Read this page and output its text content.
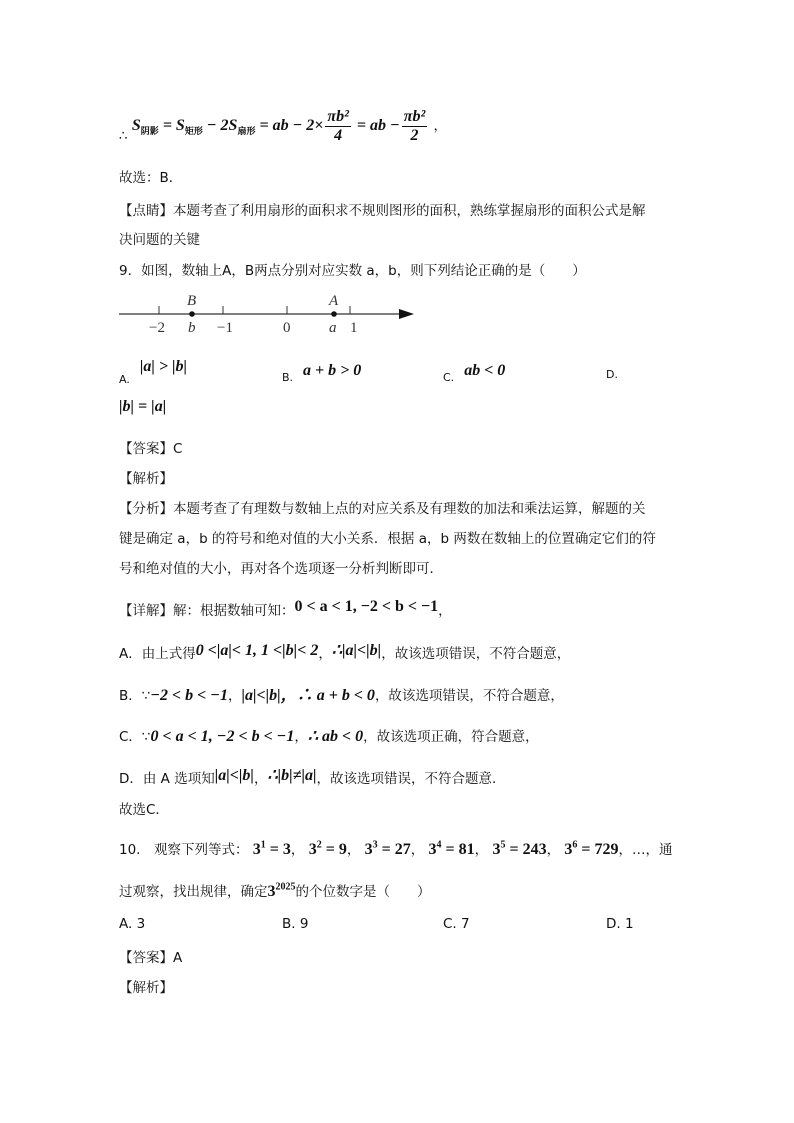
∴ $S_{阴影} = S_{矩形} - 2S_{扇形}$ = ab − $2\times \frac{\text{πb²}}{4}$ = ab − $\frac{\text{πb²}}{2}$ ，
故选：B．
【点睛】本题考查了利用扇形的面积求不规则图形的面积，熟练掌握扇形的面积公式是解
决问题的关键
9．如图，数轴上A，B两点分别对应实数 a，b，则下列结论正确的是（　　）
−2	−1	0	1
B
b
A
a
$_{A.}$|a| > |b|
$_{B.}$ a + b > 0	$_{C.}$ ab < 0	D.
|b| = |a|
【答案】C
【解析】
【分析】本题考查了有理数与数轴上点的对应关系及有理数的加法和乘法运算，解题的关
键是确定 a，b 的符号和绝对值的大小关系．根据 a，b 两数在数轴上的位置确定它们的符
号和绝对值的大小，再对各个选项逐一分析判断即可．
【详解】解：根据数轴可知：0 < a < 1, −2 < b < −1，
A．由上式得0 <|a|< 1, 1 <|b|< 2，∴|a|<|b|，故该选项错误，不符合题意，
B．∵−2 < b < −1，|a|<|b|，∴ a + b < 0，故该选项错误，不符合题意，
C．∵0 < a < 1, −2 < b < −1，∴ ab < 0，故该选项正确，符合题意，
D．由 A 选项知|a|<|b|，∴|b|≠|a|，故该选项错误，不符合题意．
故选C．
10.　观察下列等式： $3^1 = 3$， $3^2 = 9$， $3^3 = 27$， $3^4 = 81$， $3^5 = 243$， $3^6 = 729$，…，通
过观察，找出规律，确定$3^{2025}$的个位数字是（　　）
A. 3	B. 9	C. 7	D. 1
【答案】A
【解析】
